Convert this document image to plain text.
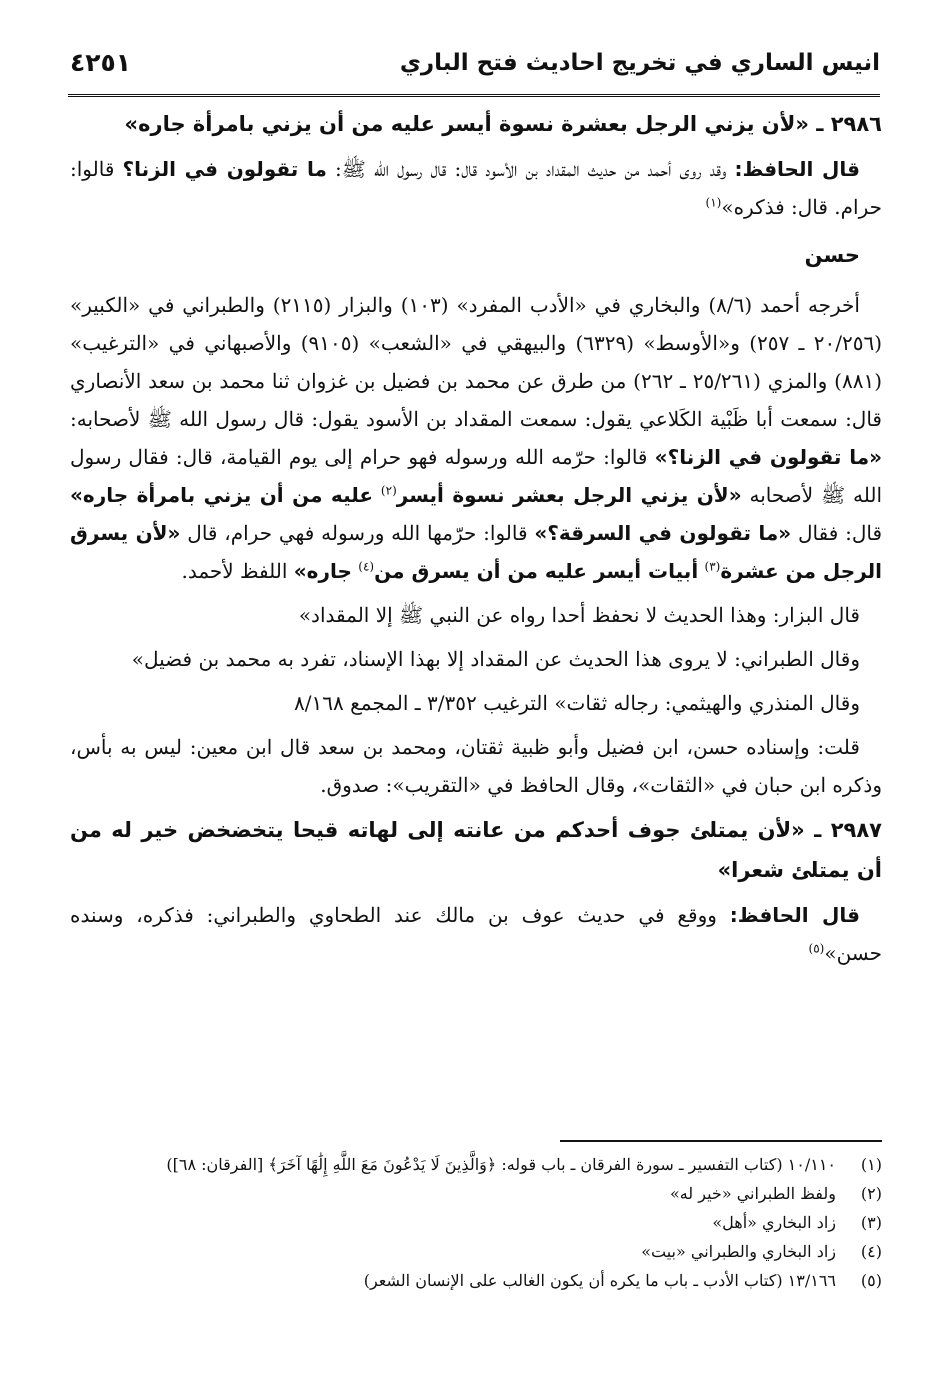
انيس الساري في تخريج احاديث فتح الباري
٤٢٥١
٢٩٨٦ ـ «لأن يزني الرجل بعشرة نسوة أيسر عليه من أن يزني بامرأة جاره»

قال الحافظ: وقد روى أحمد من حديث المقداد بن الأسود قال: قال رسول الله ﷺ: ما تقولون في الزنا؟ قالوا: حرام. قال: فذكره»$^{(١)}$

حسن

أخرجه أحمد (٨/٦) والبخاري في «الأدب المفرد» (١٠٣) والبزار (٢١١٥) والطبراني في «الكبير» (٢٠/٢٥٦ ـ ٢٥٧) و«الأوسط» (٦٣٢٩) والبيهقي في «الشعب» (٩١٠٥) والأصبهاني في «الترغيب» (٨٨١) والمزي (٢٥/٢٦١ ـ ٢٦٢) من طرق عن محمد بن فضيل بن غزوان ثنا محمد بن سعد الأنصاري قال: سمعت أبا ظَبْية الكَلاعي يقول: سمعت المقداد بن الأسود يقول: قال رسول الله ﷺ لأصحابه: «ما تقولون في الزنا؟» قالوا: حرّمه الله ورسوله فهو حرام إلى يوم القيامة، قال: فقال رسول الله ﷺ لأصحابه «لأن يزني الرجل بعشر نسوة أيسر$^{(٢)}$ عليه من أن يزني بامرأة جاره» قال: فقال «ما تقولون في السرقة؟» قالوا: حرّمها الله ورسوله فهي حرام، قال «لأن يسرق الرجل من عشرة$^{(٣)}$ أبيات أيسر عليه من أن يسرق من$^{(٤)}$ جاره» اللفظ لأحمد.

قال البزار: وهذا الحديث لا نحفظ أحدا رواه عن النبي ﷺ إلا المقداد»

وقال الطبراني: لا يروى هذا الحديث عن المقداد إلا بهذا الإسناد، تفرد به محمد بن فضيل»

وقال المنذري والهيثمي: رجاله ثقات» الترغيب ٣/٣٥٢ ـ المجمع ٨/١٦٨

قلت: وإسناده حسن، ابن فضيل وأبو ظبية ثقتان، ومحمد بن سعد قال ابن معين: ليس به بأس، وذكره ابن حبان في «الثقات»، وقال الحافظ في «التقريب»: صدوق.

٢٩٨٧ ـ «لأن يمتلئ جوف أحدكم من عانته إلى لهاته قيحا يتخضخض خير له من أن يمتلئ شعرا»

قال الحافظ: ووقع في حديث عوف بن مالك عند الطحاوي والطبراني: فذكره، وسنده حسن»$^{(٥)}$

(١)١٠/١١٠ (كتاب التفسير ـ سورة الفرقان ـ باب قوله: ﴿وَالَّذِينَ لَا يَدْعُونَ مَعَ اللَّهِ إِلَٰهًا آخَرَ﴾ [الفرقان: ٦٨])
(٢)ولفظ الطبراني «خير له»
(٣)زاد البخاري «أهل»
(٤)زاد البخاري والطبراني «بيت»
(٥)١٣/١٦٦ (كتاب الأدب ـ باب ما يكره أن يكون الغالب على الإنسان الشعر)
